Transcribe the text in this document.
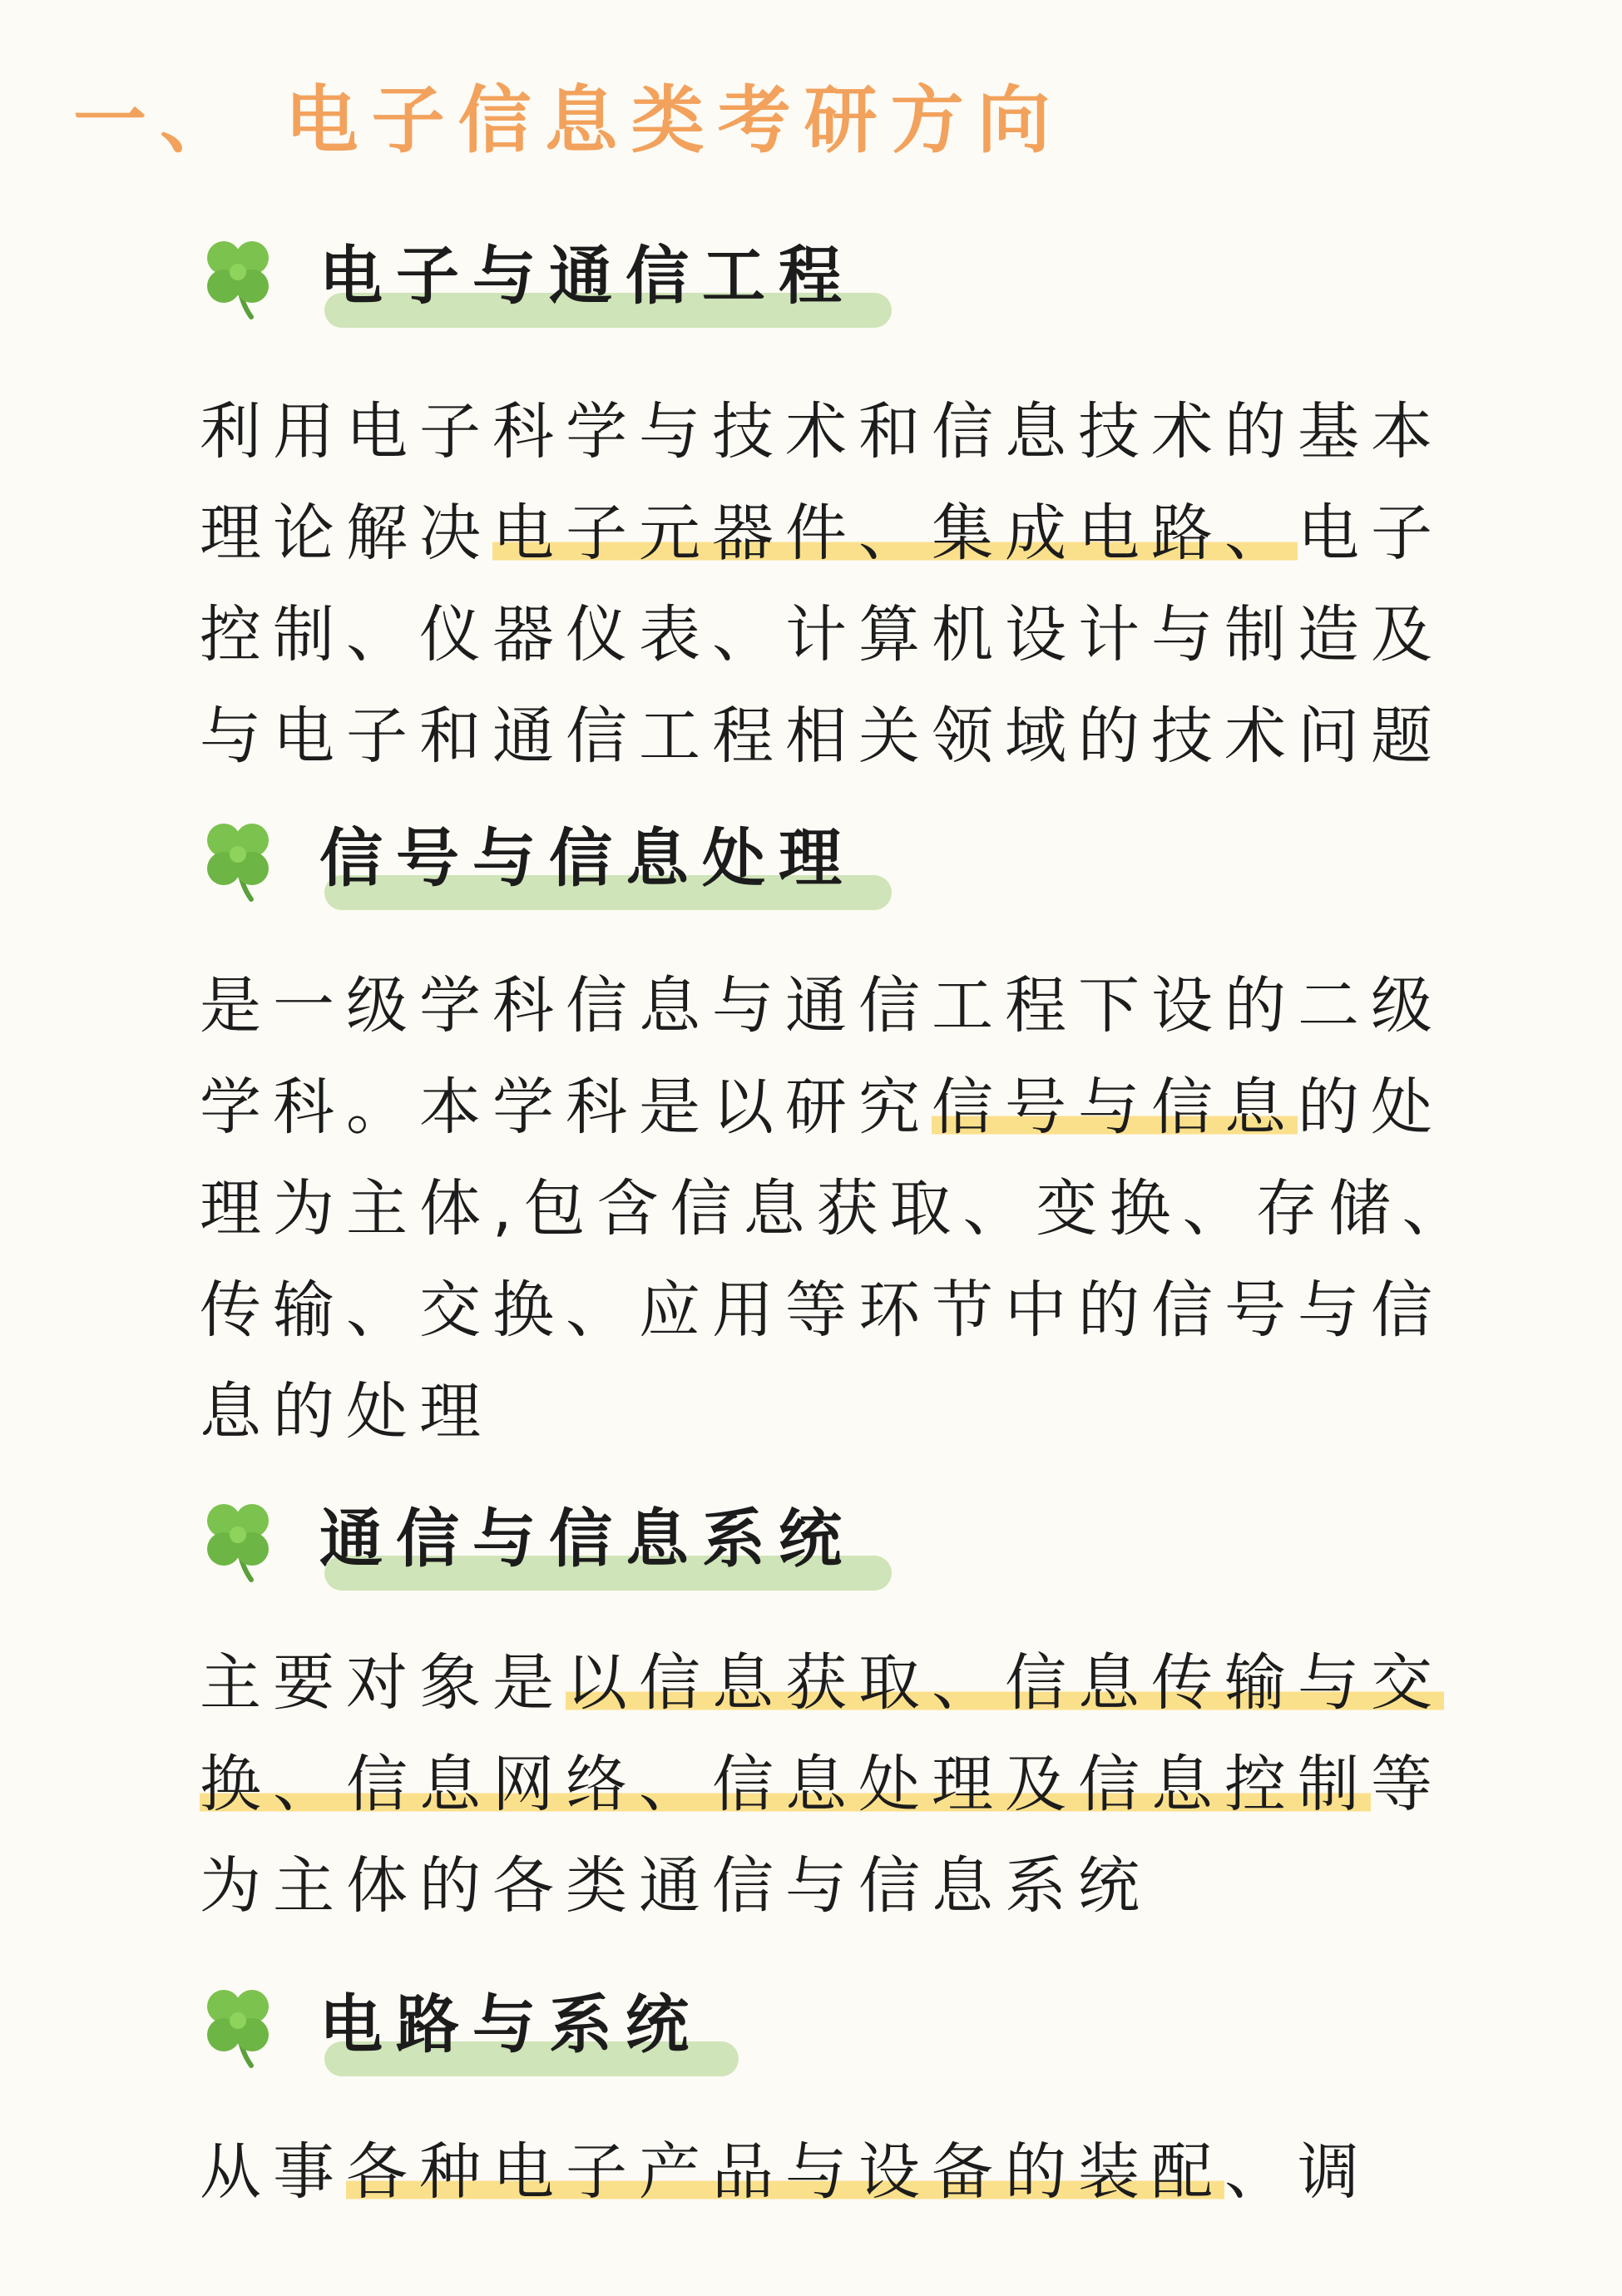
一、 电子信息类考研方向
电子与通信工程

利用电子科学与技术和信息技术的基本理论解决电子元器件、集成电路、电子控制、仪器仪表、计算机设计与制造及与电子和通信工程相关领域的技术问题

信号与信息处理

是一级学科信息与通信工程下设的二级学科。本学科是以研究信号与信息的处理为主体,包含信息获取、变换、存储、传输、交换、应用等环节中的信号与信息的处理

通信与信息系统

主要对象是以信息获取、信息传输与交换、信息网络、信息处理及信息控制等为主体的各类通信与信息系统

电路与系统

从事各种电子产品与设备的装配、调
